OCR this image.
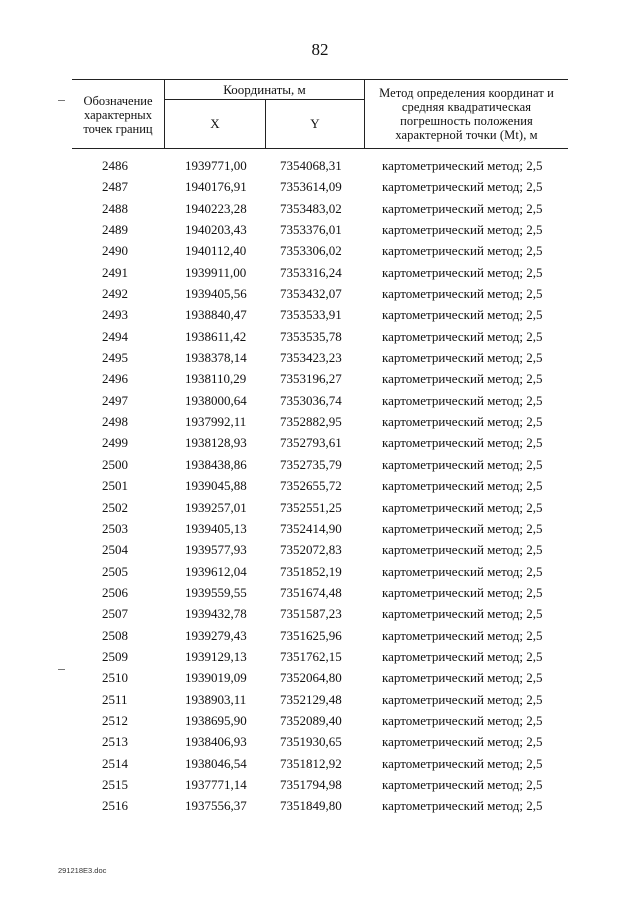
82
Обозначение характерных точек границ
Координаты, м
X	Y
Метод определения координат и средняя квадратическая погрешность положения характерной точки (Mt), м
2486	1939771,00	7354068,31	картометрический метод; 2,5
2487	1940176,91	7353614,09	картометрический метод; 2,5
2488	1940223,28	7353483,02	картометрический метод; 2,5
2489	1940203,43	7353376,01	картометрический метод; 2,5
2490	1940112,40	7353306,02	картометрический метод; 2,5
2491	1939911,00	7353316,24	картометрический метод; 2,5
2492	1939405,56	7353432,07	картометрический метод; 2,5
2493	1938840,47	7353533,91	картометрический метод; 2,5
2494	1938611,42	7353535,78	картометрический метод; 2,5
2495	1938378,14	7353423,23	картометрический метод; 2,5
2496	1938110,29	7353196,27	картометрический метод; 2,5
2497	1938000,64	7353036,74	картометрический метод; 2,5
2498	1937992,11	7352882,95	картометрический метод; 2,5
2499	1938128,93	7352793,61	картометрический метод; 2,5
2500	1938438,86	7352735,79	картометрический метод; 2,5
2501	1939045,88	7352655,72	картометрический метод; 2,5
2502	1939257,01	7352551,25	картометрический метод; 2,5
2503	1939405,13	7352414,90	картометрический метод; 2,5
2504	1939577,93	7352072,83	картометрический метод; 2,5
2505	1939612,04	7351852,19	картометрический метод; 2,5
2506	1939559,55	7351674,48	картометрический метод; 2,5
2507	1939432,78	7351587,23	картометрический метод; 2,5
2508	1939279,43	7351625,96	картометрический метод; 2,5
2509	1939129,13	7351762,15	картометрический метод; 2,5
2510	1939019,09	7352064,80	картометрический метод; 2,5
2511	1938903,11	7352129,48	картометрический метод; 2,5
2512	1938695,90	7352089,40	картометрический метод; 2,5
2513	1938406,93	7351930,65	картометрический метод; 2,5
2514	1938046,54	7351812,92	картометрический метод; 2,5
2515	1937771,14	7351794,98	картометрический метод; 2,5
2516	1937556,37	7351849,80	картометрический метод; 2,5
291218E3.doc
